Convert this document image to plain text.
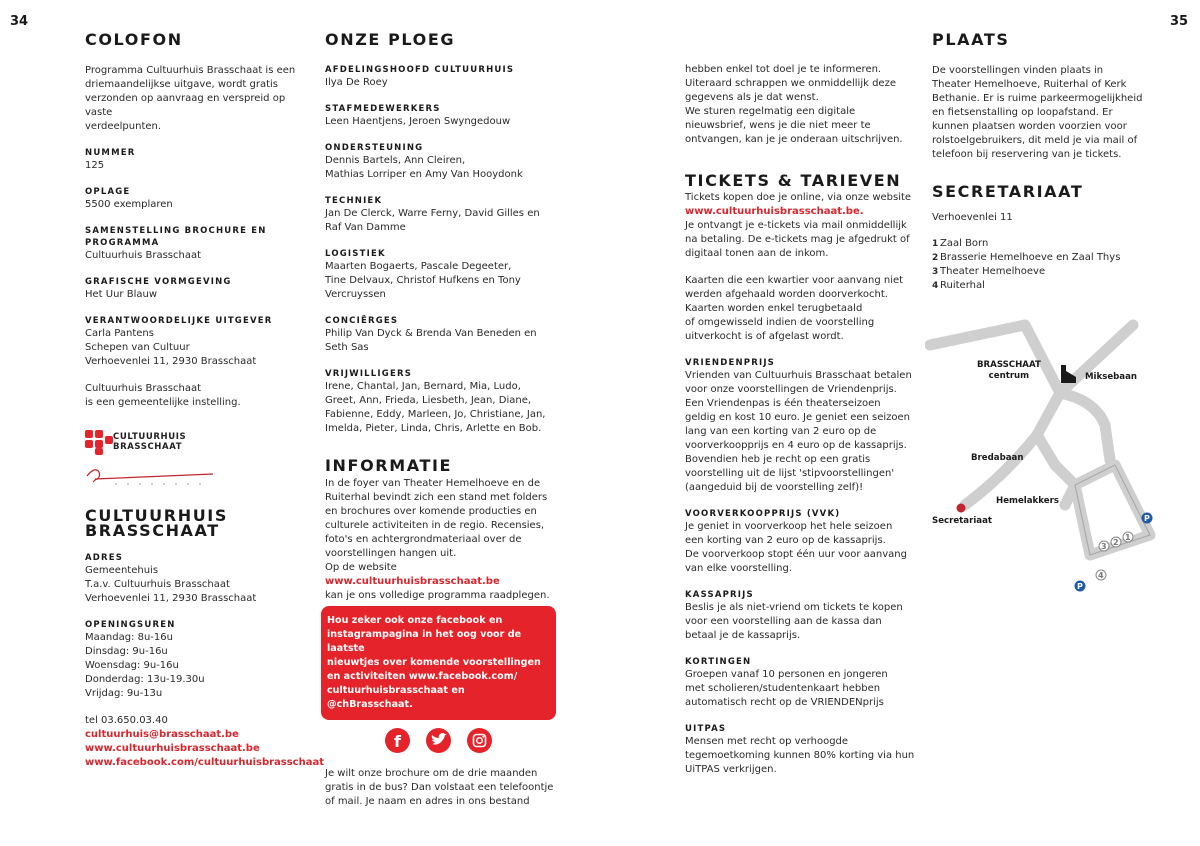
34	35
COLOFON
Programma Cultuurhuis Brasschaat is een
driemaandelijkse uitgave, wordt gratis
verzonden op aanvraag en verspreid op vaste
verdeelpunten.
NUMMER
125
OPLAGE
5500 exemplaren
SAMENSTELLING BROCHURE EN
PROGRAMMA
Cultuurhuis Brasschaat
GRAFISCHE VORMGEVING
Het Uur Blauw
VERANTWOORDELIJKE UITGEVER
Carla Pantens
Schepen van Cultuur
Verhoevenlei 11, 2930 Brasschaat
Cultuurhuis Brasschaat
is een gemeentelijke instelling.
CULTUURHUIS
BRASSCHAAT
CULTUURHUIS
BRASSCHAAT
ADRES
Gemeentehuis
T.a.v. Cultuurhuis Brasschaat
Verhoevenlei 11, 2930 Brasschaat
OPENINGSUREN
Maandag: 8u-16u
Dinsdag: 9u-16u
Woensdag: 9u-16u
Donderdag: 13u-19.30u
Vrijdag: 9u-13u
tel 03.650.03.40
cultuurhuis@brasschaat.be
www.cultuurhuisbrasschaat.be
www.facebook.com/cultuurhuisbrasschaat
ONZE PLOEG
AFDELINGSHOOFD CULTUURHUIS
Ilya De Roey
STAFMEDEWERKERS
Leen Haentjens, Jeroen Swyngedouw
ONDERSTEUNING
Dennis Bartels, Ann Cleiren,
Mathias Lorriper en Amy Van Hooydonk
TECHNIEK
Jan De Clerck, Warre Ferny, David Gilles en
Raf Van Damme
LOGISTIEK
Maarten Bogaerts, Pascale Degeeter,
Tine Delvaux, Christof Hufkens en Tony
Vercruyssen
CONCIËRGES
Philip Van Dyck & Brenda Van Beneden en
Seth Sas
VRIJWILLIGERS
Irene, Chantal, Jan, Bernard, Mia, Ludo,
Greet, Ann, Frieda, Liesbeth, Jean, Diane,
Fabienne, Eddy, Marleen, Jo, Christiane, Jan,
Imelda, Pieter, Linda, Chris, Arlette en Bob.
INFORMATIE
In de foyer van Theater Hemelhoeve en de
Ruiterhal bevindt zich een stand met folders
en brochures over komende producties en
culturele activiteiten in de regio. Recensies,
foto's en achtergrondmateriaal over de
voorstellingen hangen uit.
Op de website www.cultuurhuisbrasschaat.be
kan je ons volledige programma raadplegen.
Hou zeker ook onze facebook en
instagrampagina in het oog voor de laatste
nieuwtjes over komende voorstellingen
en activiteiten www.facebook.com/
cultuurhuisbrasschaat en @chBrasschaat.
f

Je wilt onze brochure om de drie maanden
gratis in de bus? Dan volstaat een telefoontje
of mail. Je naam en adres in ons bestand
hebben enkel tot doel je te informeren.
Uiteraard schrappen we onmiddellijk deze
gegevens als je dat wenst.
We sturen regelmatig een digitale
nieuwsbrief, wens je die niet meer te
ontvangen, kan je je onderaan uitschrijven.
TICKETS & TARIEVEN
Tickets kopen doe je online, via onze website
www.cultuurhuisbrasschaat.be.
Je ontvangt je e-tickets via mail onmiddellijk
na betaling. De e-tickets mag je afgedrukt of
digitaal tonen aan de inkom.
Kaarten die een kwartier voor aanvang niet
werden afgehaald worden doorverkocht.
Kaarten worden enkel terugbetaald
of omgewisseld indien de voorstelling
uitverkocht is of afgelast wordt.
VRIENDENPRIJS
Vrienden van Cultuurhuis Brasschaat betalen
voor onze voorstellingen de Vriendenprijs.
Een Vriendenpas is één theaterseizoen
geldig en kost 10 euro. Je geniet een seizoen
lang van een korting van 2 euro op de
voorverkoopprijs en 4 euro op de kassaprijs.
Bovendien heb je recht op een gratis
voorstelling uit de lijst 'stipvoorstellingen'
(aangeduid bij de voorstelling zelf)!
VOORVERKOOPPRIJS (VVK)
Je geniet in voorverkoop het hele seizoen
een korting van 2 euro op de kassaprijs.
De voorverkoop stopt één uur voor aanvang
van elke voorstelling.
KASSAPRIJS
Beslis je als niet-vriend om tickets te kopen
voor een voorstelling aan de kassa dan
betaal je de kassaprijs.
KORTINGEN
Groepen vanaf 10 personen en jongeren
met scholieren/studentenkaart hebben
automatisch recht op de VRIENDENprijs
UITPAS
Mensen met recht op verhoogde
tegemoetkoming kunnen 80% korting via hun
UiTPAS verkrijgen.
PLAATS
De voorstellingen vinden plaats in
Theater Hemelhoeve, Ruiterhal of Kerk
Bethanie. Er is ruime parkeermogelijkheid
en fietsenstalling op loopafstand. Er
kunnen plaatsen worden voorzien voor
rolstoelgebruikers, dit meld je via mail of
telefoon bij reservering van je tickets.
SECRETARIAAT
Verhoevenlei 11
1 Zaal Born
2 Brasserie Hemelhoeve en Zaal Thys
3 Theater Hemelhoeve
4 Ruiterhal
BRASSCHAAT
centrum	Miksebaan
Bredabaan
Hemelakkers
Secretariaat	P
P
1
2
3
4
